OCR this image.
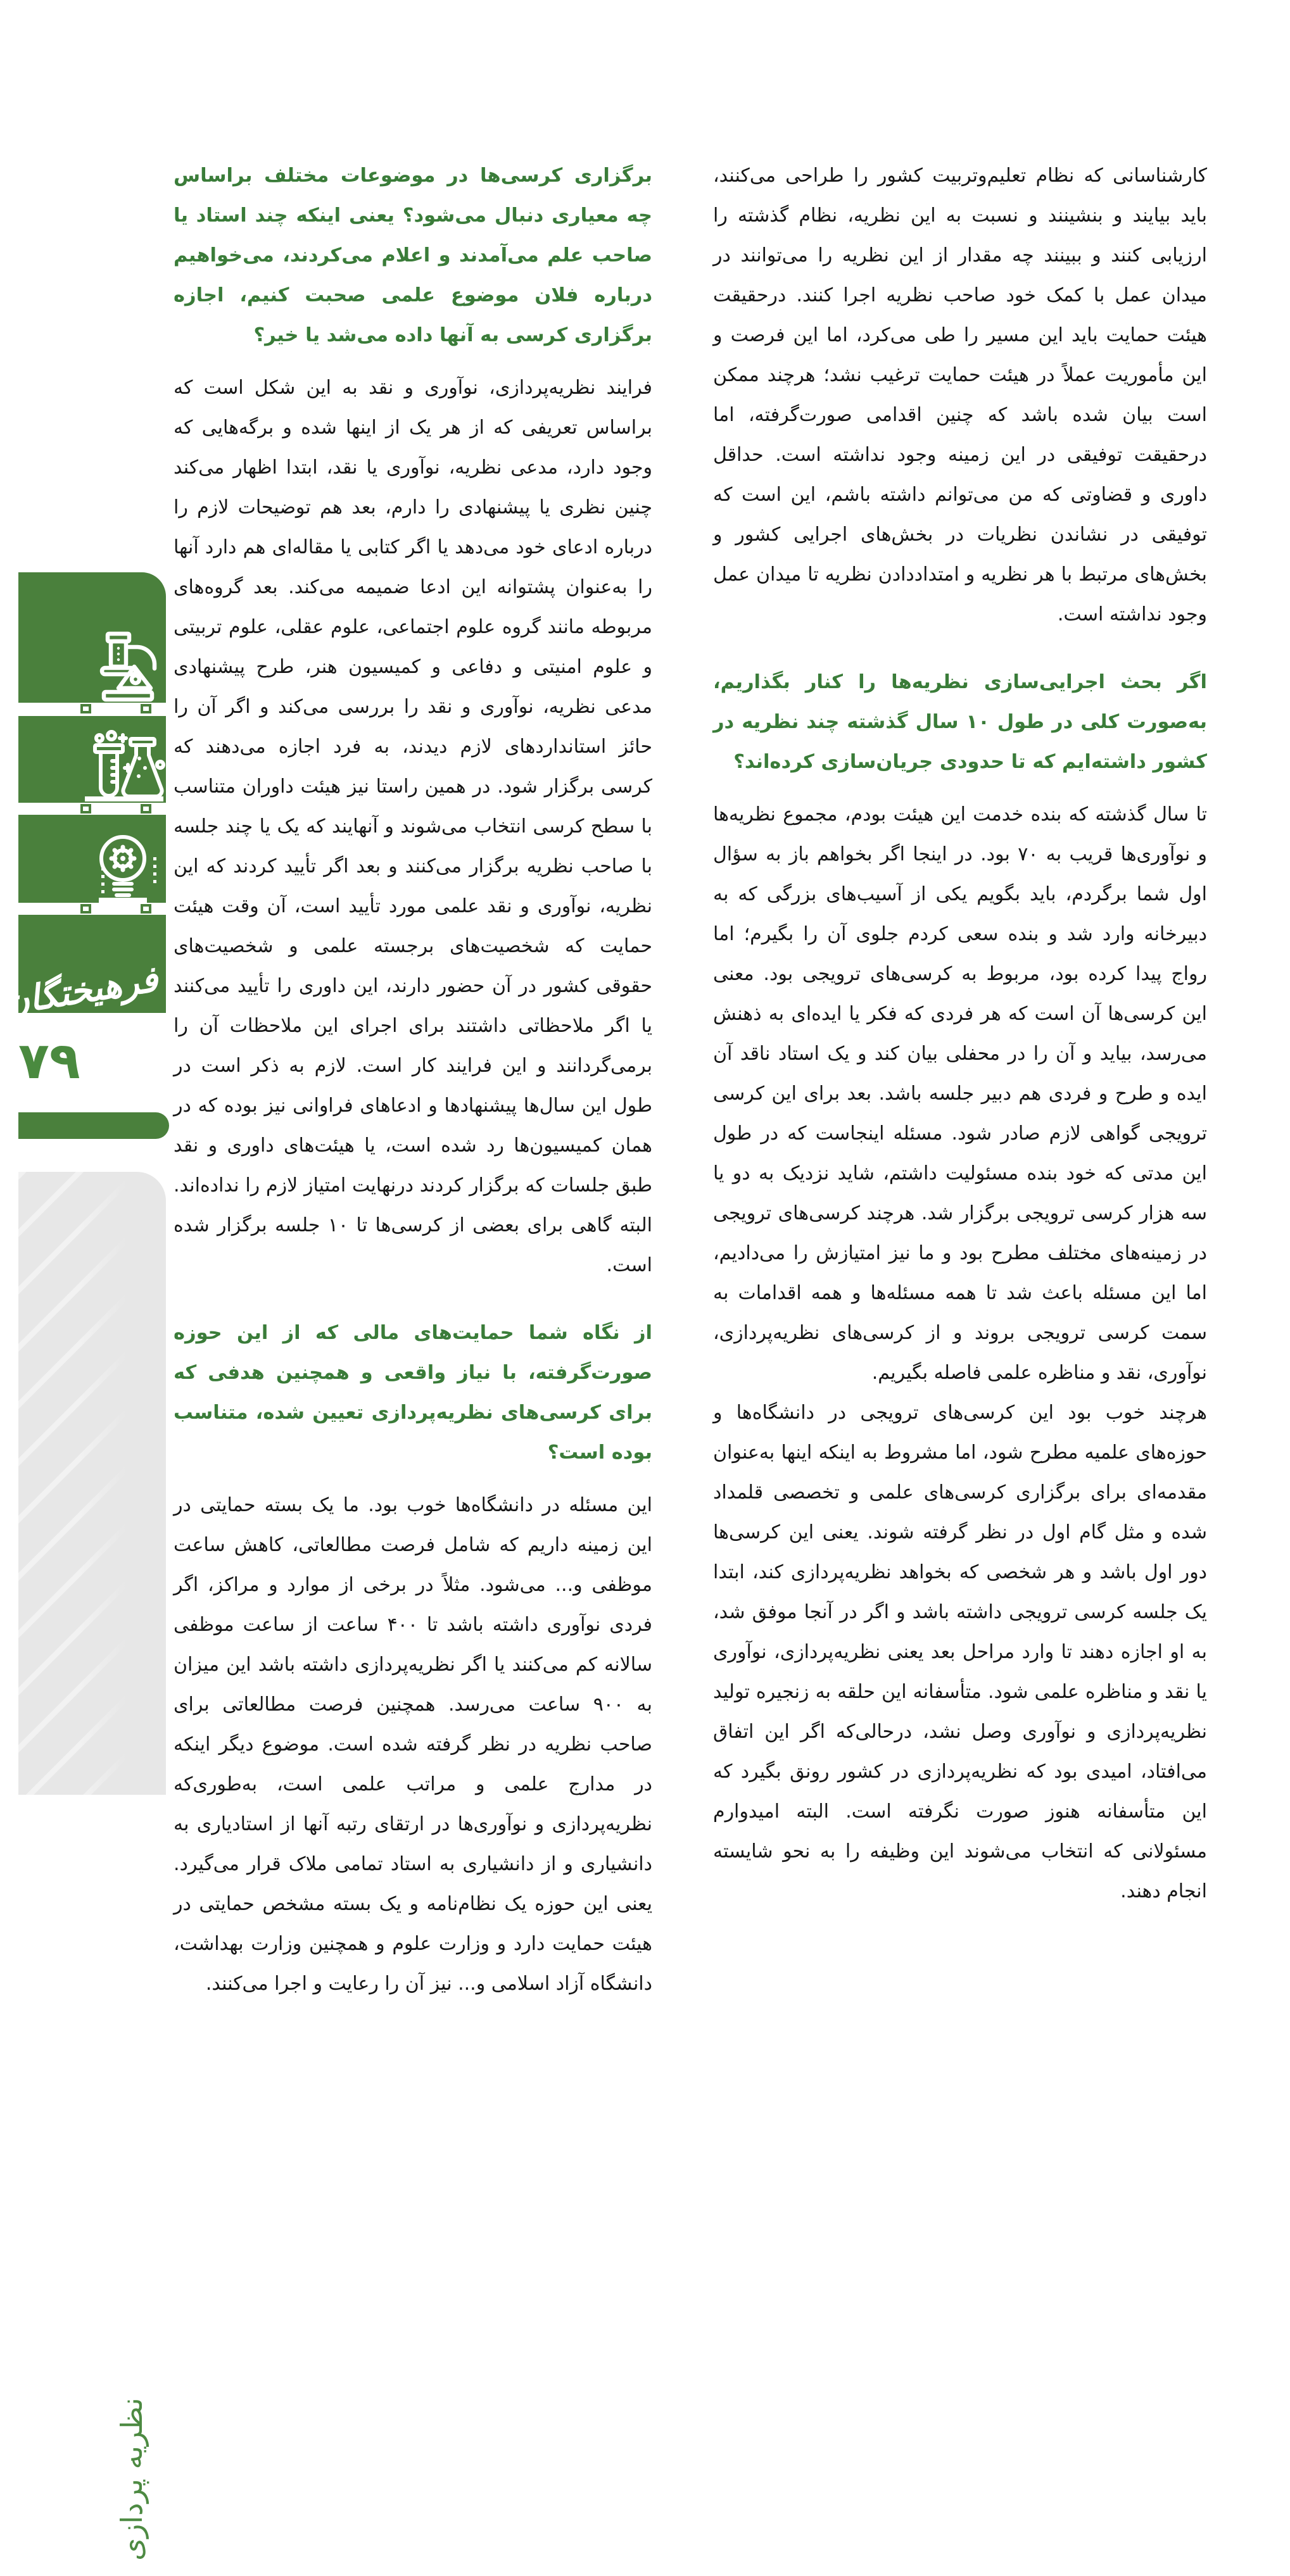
کارشناسانی که نظام تعلیم‌وتربیت کشور را طراحی می‌کنند، باید بیایند و بنشینند و نسبت به این نظریه، نظام گذشته را ارزیابی کنند و ببینند چه مقدار از این نظریه را می‌توانند در میدان عمل با کمک خود صاحب نظریه اجرا کنند. درحقیقت هیئت حمایت باید این مسیر را طی می‌کرد، اما این فرصت و این مأموریت عملاً در هیئت حمایت ترغیب نشد؛ هرچند ممکن است بیان شده باشد که چنین اقدامی صورت‌گرفته، اما درحقیقت توفیقی در این زمینه وجود نداشته است. حداقل داوری و قضاوتی که من می‌توانم داشته باشم، این است که توفیقی در نشاندن نظریات در بخش‌های اجرایی کشور و بخش‌های مرتبط با هر نظریه و امتداددادن نظریه تا میدان عمل وجود نداشته است.

اگر بحث اجرایی‌سازی نظریه‌ها را کنار بگذاریم، به‌صورت کلی در طول ۱۰ سال گذشته چند نظریه در کشور داشته‌ایم که تا حدودی جریان‌سازی کرده‌اند؟

تا سال گذشته که بنده خدمت این هیئت بودم، مجموع نظریه‌ها و نوآوری‌ها قریب به ۷۰ بود. در اینجا اگر بخواهم باز به سؤال اول شما برگردم، باید بگویم یکی از آسیب‌های بزرگی که به دبیرخانه وارد شد و بنده سعی کردم جلوی آن را بگیرم؛ اما رواج پیدا کرده بود، مربوط به کرسی‌های ترویجی بود. معنی این کرسی‌ها آن است که هر فردی که فکر یا ایده‌ای به ذهنش می‌رسد، بیاید و آن را در محفلی بیان کند و یک استاد ناقد آن ایده و طرح و فردی هم دبیر جلسه باشد. بعد برای این کرسی ترویجی گواهی لازم صادر شود. مسئله اینجاست که در طول این مدتی که خود بنده مسئولیت داشتم، شاید نزدیک به دو یا سه هزار کرسی ترویجی برگزار شد. هرچند کرسی‌های ترویجی در زمینه‌های مختلف مطرح بود و ما نیز امتیازش را می‌دادیم، اما این مسئله باعث شد تا همه مسئله‌ها و همه اقدامات به سمت کرسی ترویجی بروند و از کرسی‌های نظریه‌پردازی، نوآوری، نقد و مناظره علمی فاصله بگیریم.

هرچند خوب بود این کرسی‌های ترویجی در دانشگاه‌ها و حوزه‌های علمیه مطرح شود، اما مشروط به اینکه اینها به‌عنوان مقدمه‌ای برای برگزاری کرسی‌های علمی و تخصصی قلمداد شده و مثل گام اول در نظر گرفته شوند. یعنی این کرسی‌ها دور اول باشد و هر شخصی که بخواهد نظریه‌پردازی کند، ابتدا یک جلسه کرسی ترویجی داشته باشد و اگر در آنجا موفق شد، به او اجازه دهند تا وارد مراحل بعد یعنی نظریه‌پردازی، نوآوری یا نقد و مناظره علمی شود. متأسفانه این حلقه به زنجیره تولید نظریه‌پردازی و نوآوری وصل نشد، درحالی‌که اگر این اتفاق می‌افتاد، امیدی بود که نظریه‌پردازی در کشور رونق بگیرد که این متأسفانه هنوز صورت نگرفته است. البته امیدوارم مسئولانی که انتخاب می‌شوند این وظیفه را به نحو شایسته انجام دهند.

برگزاری کرسی‌ها در موضوعات مختلف براساس چه معیاری دنبال می‌شود؟ یعنی اینکه چند استاد یا صاحب علم می‌آمدند و اعلام می‌کردند، می‌خواهیم درباره فلان موضوع علمی صحبت کنیم، اجازه برگزاری کرسی به آنها داده می‌شد یا خیر؟

فرایند نظریه‌پردازی، نوآوری و نقد به این شکل است که براساس تعریفی که از هر یک از اینها شده و برگه‌هایی که وجود دارد، مدعی نظریه، نوآوری یا نقد، ابتدا اظهار می‌کند چنین نظری یا پیشنهادی را دارم، بعد هم توضیحات لازم را درباره ادعای خود می‌دهد یا اگر کتابی یا مقاله‌ای هم دارد آنها را به‌عنوان پشتوانه این ادعا ضمیمه می‌کند. بعد گروه‌های مربوطه مانند گروه علوم اجتماعی، علوم عقلی، علوم تربیتی و علوم امنیتی و دفاعی و کمیسیون هنر، طرح پیشنهادی مدعی نظریه، نوآوری و نقد را بررسی می‌کند و اگر آن را حائز استانداردهای لازم دیدند، به فرد اجازه می‌دهند که کرسی برگزار شود. در همین راستا نیز هیئت داوران متناسب با سطح کرسی انتخاب می‌شوند و آنهایند که یک یا چند جلسه با صاحب نظریه برگزار می‌کنند و بعد اگر تأیید کردند که این نظریه، نوآوری و نقد علمی مورد تأیید است، آن وقت هیئت حمایت که شخصیت‌های برجسته علمی و شخصیت‌های حقوقی کشور در آن حضور دارند، این داوری را تأیید می‌کنند یا اگر ملاحظاتی داشتند برای اجرای این ملاحظات آن را برمی‌گردانند و این فرایند کار است. لازم به ذکر است در طول این سال‌ها پیشنهادها و ادعاهای فراوانی نیز بوده که در همان کمیسیون‌ها رد شده است، یا هیئت‌های داوری و نقد طبق جلسات که برگزار کردند درنهایت امتیاز لازم را نداده‌اند. البته گاهی برای بعضی از کرسی‌ها تا ۱۰ جلسه برگزار شده است.

از نگاه شما حمایت‌های مالی که از این حوزه صورت‌گرفته، با نیاز واقعی و همچنین هدفی که برای کرسی‌های نظریه‌پردازی تعیین شده، متناسب بوده است؟

این مسئله در دانشگاه‌ها خوب بود. ما یک بسته حمایتی در این زمینه داریم که شامل فرصت مطالعاتی، کاهش ساعت موظفی و... می‌شود. مثلاً در برخی از موارد و مراکز، اگر فردی نوآوری داشته باشد تا ۴۰۰ ساعت از ساعت موظفی سالانه کم می‌کنند یا اگر نظریه‌پردازی داشته باشد این میزان به ۹۰۰ ساعت می‌رسد. همچنین فرصت مطالعاتی برای صاحب نظریه در نظر گرفته شده است. موضوع دیگر اینکه در مدارج علمی و مراتب علمی است، به‌طوری‌که نظریه‌پردازی و نوآوری‌ها در ارتقای رتبه آنها از استادیاری به دانشیاری و از دانشیاری به استاد تمامی ملاک قرار می‌گیرد. یعنی این حوزه یک نظام‌نامه و یک بسته مشخص حمایتی در هیئت حمایت دارد و وزارت علوم و همچنین وزارت بهداشت، دانشگاه آزاد اسلامی و... نیز آن را رعایت و اجرا می‌کنند.

فرهیختگان
۷۹
نظریه پردازی
